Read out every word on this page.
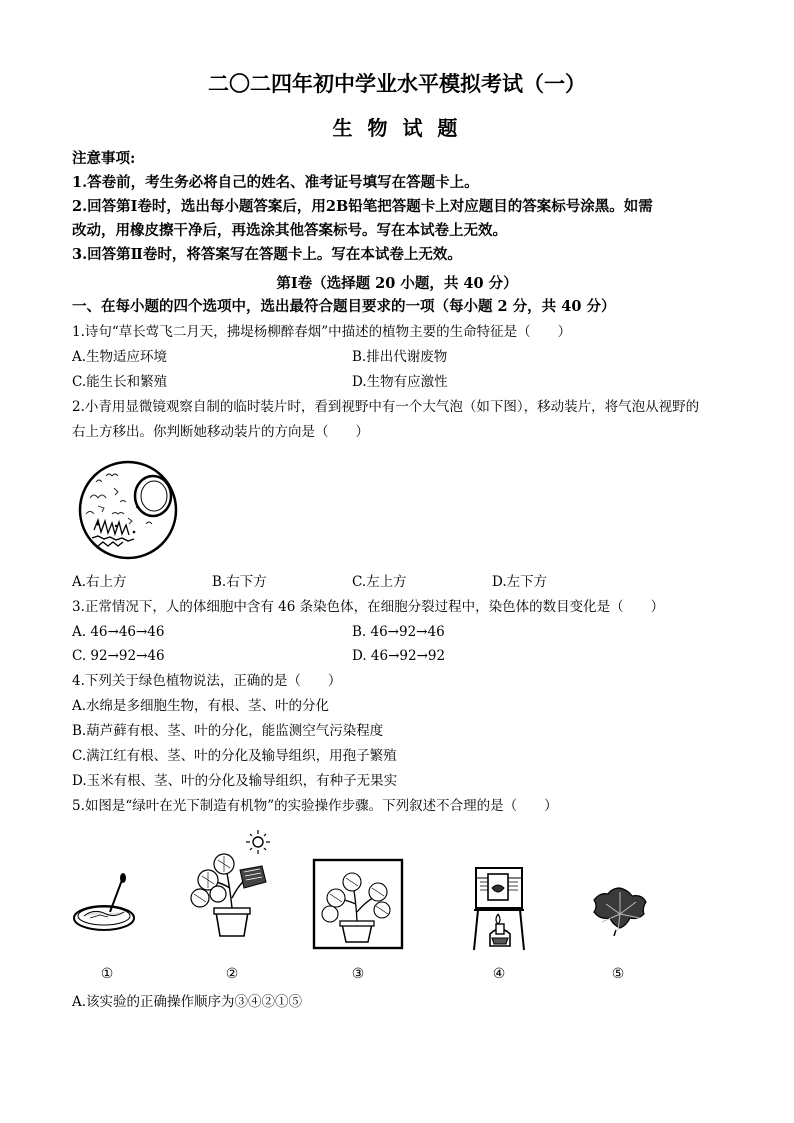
二〇二四年初中学业水平模拟考试（一）
生 物 试 题
注意事项:
1.答卷前，考生务必将自己的姓名、准考证号填写在答题卡上。
2.回答第Ⅰ卷时，选出每小题答案后，用2B铅笔把答题卡上对应题目的答案标号涂黑。如需
改动，用橡皮擦干净后，再选涂其他答案标号。写在本试卷上无效。
3.回答第Ⅱ卷时，将答案写在答题卡上。写在本试卷上无效。
第Ⅰ卷（选择题 20 小题，共 40 分）
一、在每小题的四个选项中，选出最符合题目要求的一项（每小题 2 分，共 40 分）
1.诗句“草长莺飞二月天，拂堤杨柳醉春烟”中描述的植物主要的生命特征是（　　）
A.生物适应环境	B.排出代谢废物
C.能生长和繁殖	D.生物有应激性
2.小青用显微镜观察自制的临时装片时，看到视野中有一个大气泡（如下图），移动装片，将气泡从视野的
右上方移出。你判断她移动装片的方向是（　　）
A.右上方	B.右下方	C.左上方	D.左下方
3.正常情况下，人的体细胞中含有 46 条染色体，在细胞分裂过程中，染色体的数目变化是（　　）
A. 46→46→46	B. 46→92→46
C. 92→92→46	D. 46→92→92
4.下列关于绿色植物说法，正确的是（　　）
A.水绵是多细胞生物，有根、茎、叶的分化
B.葫芦藓有根、茎、叶的分化，能监测空气污染程度
C.满江红有根、茎、叶的分化及输导组织，用孢子繁殖
D.玉米有根、茎、叶的分化及输导组织，有种子无果实
5.如图是“绿叶在光下制造有机物”的实验操作步骤。下列叙述不合理的是（　　）
①	②	③	④	⑤
A.该实验的正确操作顺序为③④②①⑤
